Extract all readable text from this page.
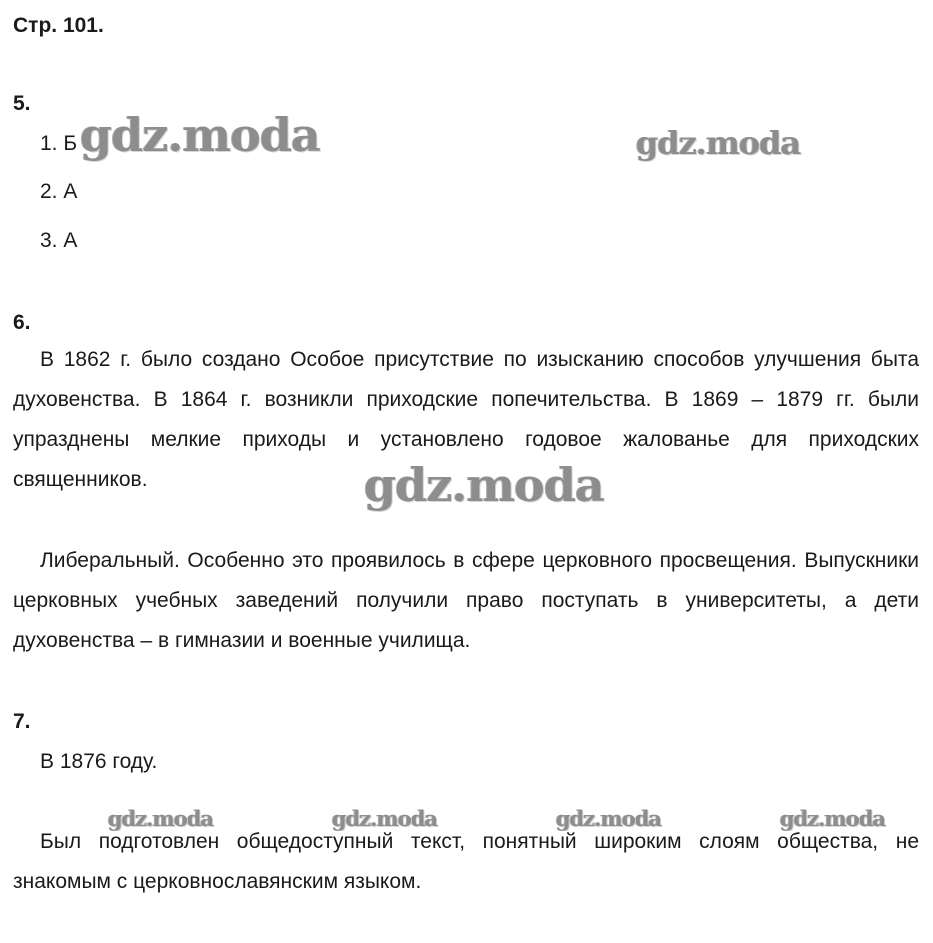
Стр. 101.
5.
1. Б
2. А
3. А
6.

В 1862 г. было создано Особое присутствие по изысканию способов улучшения быта духовенства. В 1864 г. возникли приходские попечительства. В 1869 – 1879 гг. были упразднены мелкие приходы и установлено годовое жалованье для приходских священников.

Либеральный. Особенно это проявилось в сфере церковного просвещения. Выпускники церковных учебных заведений получили право поступать в университеты, а дети духовенства – в гимназии и военные училища.

7.

В 1876 году.

Был подготовлен общедоступный текст, понятный широким слоям общества, не знакомым с церковнославянским языком.

gdz.moda	gdz.moda
gdz.moda
gdz.moda	gdz.moda	gdz.moda	gdz.moda
